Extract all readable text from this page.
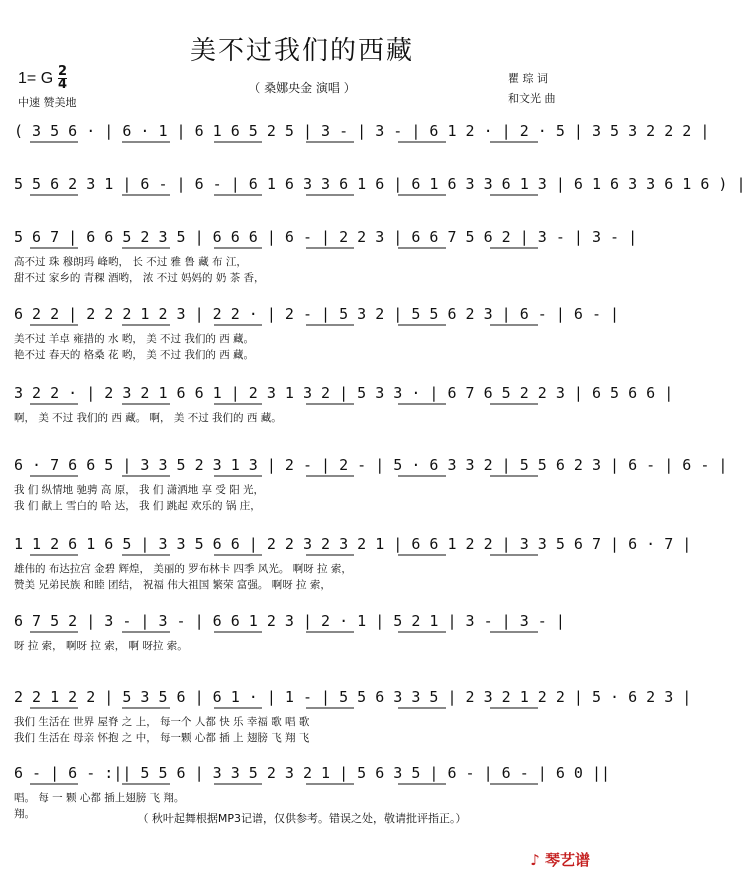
美不过我们的西藏
1= G 2
4
中速 赞美地
（ 桑娜央金 演唱 ）
瞿 琮 词
和文光 曲
( 3 5 6 · | 6 · 1 | 6 1 6 5 2 5 | 3 - | 3 - | 6 1 2 · | 2 · 5 | 3 5 3 2 2 2 |
5 5 6 2 3 1 | 6 - | 6 - | 6 1 6 3 3 6 1 6 | 6 1 6 3 3 6 1 3 | 6 1 6 3 3 6 1 6 ) |
5 6 7 | 6 6 5 2 3 5 | 6 6 6 | 6 - | 2 2 3 | 6 6 7 5 6 2 | 3 - | 3 - |
高不过 珠 穆朗玛 峰哟， 长 不过 雅 鲁 藏 布 江，
甜不过 家乡的 青稞 酒哟， 浓 不过 妈妈的 奶 茶 香，
6 2 2 | 2 2 2 1 2 3 | 2 2 · | 2 - | 5 3 2 | 5 5 6 2 3 | 6 - | 6 - |
美不过 羊卓 雍措的 水 哟， 美 不过 我们的 西 藏。
艳不过 春天的 格桑 花 哟， 美 不过 我们的 西 藏。
3 2 2 · | 2 3 2 1 6 6 1 | 2 3 1 3 2 | 5 3 3 · | 6 7 6 5 2 2 3 | 6 5 6 6 |
啊， 美 不过 我们的 西 藏。 啊， 美 不过 我们的 西 藏。
6 · 7 6 6 5 | 3 3 5 2 3 1 3 | 2 - | 2 - | 5 · 6 3 3 2 | 5 5 6 2 3 | 6 - | 6 - |
我 们 纵情地 驰骋 高 原， 我 们 潇洒地 享 受 阳 光，
我 们 献上 雪白的 哈 达， 我 们 跳起 欢乐的 锅 庄，
1 1 2 6 1 6 5 | 3 3 5 6 6 | 2 2 3 2 3 2 1 | 6 6 1 2 2 | 3 3 5 6 7 | 6 · 7 |
雄伟的 布达拉宫 金碧 辉煌， 美丽的 罗布林卡 四季 风光。 啊呀 拉 索，
赞美 兄弟民族 和睦 团结， 祝福 伟大祖国 繁荣 富强。 啊呀 拉 索，
6 7 5 2 | 3 - | 3 - | 6 6 1 2 3 | 2 · 1 | 5 2 1 | 3 - | 3 - |
呀 拉 索， 啊呀 拉 索， 啊 呀拉 索。
2 2 1 2 2 | 5 3 5 6 | 6 1 · | 1 - | 5 5 6 3 3 5 | 2 3 2 1 2 2 | 5 · 6 2 3 |
我们 生活在 世界 屋脊 之 上， 每一个 人都 快 乐 幸福 歌 唱 歌
我们 生活在 母亲 怀抱 之 中， 每一颗 心都 插 上 翅膀 飞 翔 飞
6 - | 6 - :|| 5 5 6 | 3 3 5 2 3 2 1 | 5 6 3 5 | 6 - | 6 - | 6 0 ||
唱。 每 一 颗 心都 插上翅膀 飞 翔。
翔。	（ 秋叶起舞根据MP3记谱，仅供参考。错误之处，敬请批评指正。）
♪ 琴艺谱
